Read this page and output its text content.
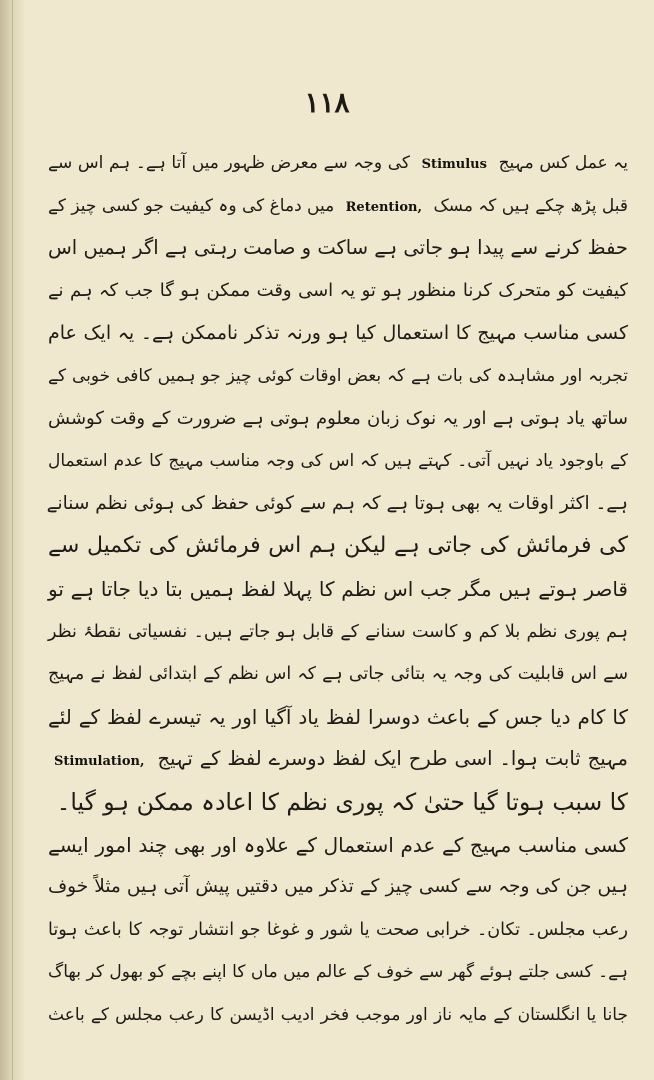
۱۱۸
یہ عمل کس مہیج Stimulus کی وجہ سے معرض ظہور میں آتا ہے۔ ہم اس سے
قبل پڑھ چکے ہیں کہ مسک Retention, میں دماغ کی وہ کیفیت جو کسی چیز کے
حفظ کرنے سے پیدا ہو جاتی ہے ساکت و صامت رہتی ہے اگر ہمیں اس
کیفیت کو متحرک کرنا منظور ہو تو یہ اسی وقت ممکن ہو گا جب کہ ہم نے
کسی مناسب مہیج کا استعمال کیا ہو ورنہ تذکر ناممکن ہے۔ یہ ایک عام
تجربہ اور مشاہدہ کی بات ہے کہ بعض اوقات کوئی چیز جو ہمیں کافی خوبی کے
ساتھ یاد ہوتی ہے اور یہ نوک زبان معلوم ہوتی ہے ضرورت کے وقت کوشش
کے باوجود یاد نہیں آتی۔ کہتے ہیں کہ اس کی وجہ مناسب مہیج کا عدم استعمال
ہے۔ اکثر اوقات یہ بھی ہوتا ہے کہ ہم سے کوئی حفظ کی ہوئی نظم سنانے
کی فرمائش کی جاتی ہے لیکن ہم اس فرمائش کی تکمیل سے
قاصر ہوتے ہیں مگر جب اس نظم کا پہلا لفظ ہمیں بتا دیا جاتا ہے تو
ہم پوری نظم بلا کم و کاست سنانے کے قابل ہو جاتے ہیں۔ نفسیاتی نقطۂ نظر
سے اس قابلیت کی وجہ یہ بتائی جاتی ہے کہ اس نظم کے ابتدائی لفظ نے مہیج
کا کام دیا جس کے باعث دوسرا لفظ یاد آگیا اور یہ تیسرے لفظ کے لئے
مہیج ثابت ہوا۔ اسی طرح ایک لفظ دوسرے لفظ کے تہیج Stimulation,
کا سبب ہوتا گیا حتیٰ کہ پوری نظم کا اعادہ ممکن ہو گیا۔
کسی مناسب مہیج کے عدم استعمال کے علاوہ اور بھی چند امور ایسے
ہیں جن کی وجہ سے کسی چیز کے تذکر میں دقتیں پیش آتی ہیں مثلاً خوف
رعب مجلس۔ تکان۔ خرابی صحت یا شور و غوغا جو انتشار توجہ کا باعث ہوتا
ہے۔ کسی جلتے ہوئے گھر سے خوف کے عالم میں ماں کا اپنے بچے کو بھول کر بھاگ
جانا یا انگلستان کے مایہ ناز اور موجب فخر ادیب اڈیسن کا رعب مجلس کے باعث
